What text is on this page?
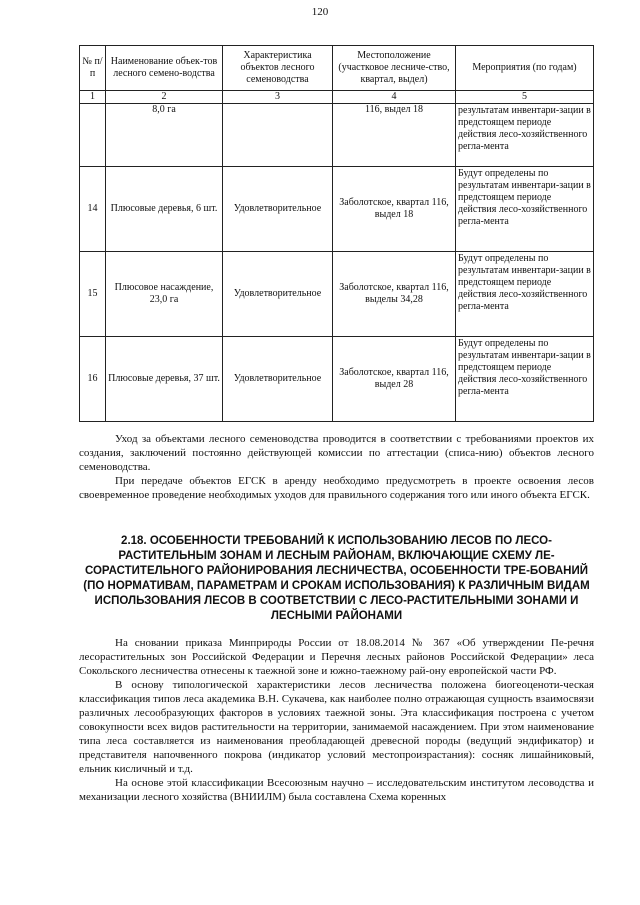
120
№ п/п	Наименование объек-тов лесного семено-водства	Характеристика объектов лесного семеноводства	Местоположение (участковое лесничe-ство, квартал, выдел)	Мероприятия (по годам)
1	2	3	4	5
	8,0 га		116, выдел 18	результатам инвентари-зации в предстоящем периоде действия лесо-хозяйственного регла-мента
14	Плюсовые деревья, 6 шт.	Удовлетворительное	Заболотское, квартал 116, выдел 18	Будут определены по результатам инвентари-зации в предстоящем периоде действия лесо-хозяйственного регла-мента
15	Плюсовое насаждение, 23,0 га	Удовлетворительное	Заболотское, квартал 116, выделы 34,28	Будут определены по результатам инвентари-зации в предстоящем периоде действия лесо-хозяйственного регла-мента
16	Плюсовые деревья, 37 шт.	Удовлетворительное	Заболотское, квартал 116, выдел 28	Будут определены по результатам инвентари-зации в предстоящем периоде действия лесо-хозяйственного регла-мента

Уход за объектами лесного семеноводства проводится в соответствии с требованиями проектов их создания, заключений постоянно действующей комиссии по аттестации (списа-нию) объектов лесного семеноводства.

При передаче объектов ЕГСК в аренду необходимо предусмотреть в проекте освоения лесов своевременное проведение необходимых уходов для правильного содержания того или иного объекта ЕГСК.

2.18. ОСОБЕННОСТИ ТРЕБОВАНИЙ К ИСПОЛЬЗОВАНИЮ ЛЕСОВ ПО ЛЕСО-РАСТИТЕЛЬНЫМ ЗОНАМ И ЛЕСНЫМ РАЙОНАМ, ВКЛЮЧАЮЩИЕ СХЕМУ ЛЕ-СОРАСТИТЕЛЬНОГО РАЙОНИРОВАНИЯ ЛЕСНИЧЕСТВА, ОСОБЕННОСТИ ТРЕ-БОВАНИЙ (ПО НОРМАТИВАМ, ПАРАМЕТРАМ И СРОКАМ ИСПОЛЬЗОВАНИЯ) К РАЗЛИЧНЫМ ВИДАМ ИСПОЛЬЗОВАНИЯ ЛЕСОВ В СООТВЕТСТВИИ С ЛЕСО-РАСТИТЕЛЬНЫМИ ЗОНАМИ И ЛЕСНЫМИ РАЙОНАМИ

На сновании приказа Минприроды России от 18.08.2014 № 367 «Об утверждении Пе-речня лесорастительных зон Российской Федерации и Перечня лесных районов Российской Федерации» леса Сокольского лесничества отнесены к таежной зоне и южно-таежному рай-ону европейской части РФ.

В основу типологической характеристики лесов лесничества положена биогеоценоти-ческая классификация типов леса академика В.Н. Сукачева, как наиболее полно отражающая сущность взаимосвязи различных лесообразующих факторов в условиях таежной зоны. Эта классификация построена с учетом совокупности всех видов растительности на территории, занимаемой насаждением. При этом наименование типа леса составляется из наименования преобладающей древесной породы (ведущий эндификатор) и представителя напочвенного покрова (индикатор условий местопроизрастания): сосняк лишайниковый, ельник кисличный и т.д.

На основе этой классификации Всесоюзным научно – исследовательским институтом лесоводства и механизации лесного хозяйства (ВНИИЛМ) была составлена Схема коренных
